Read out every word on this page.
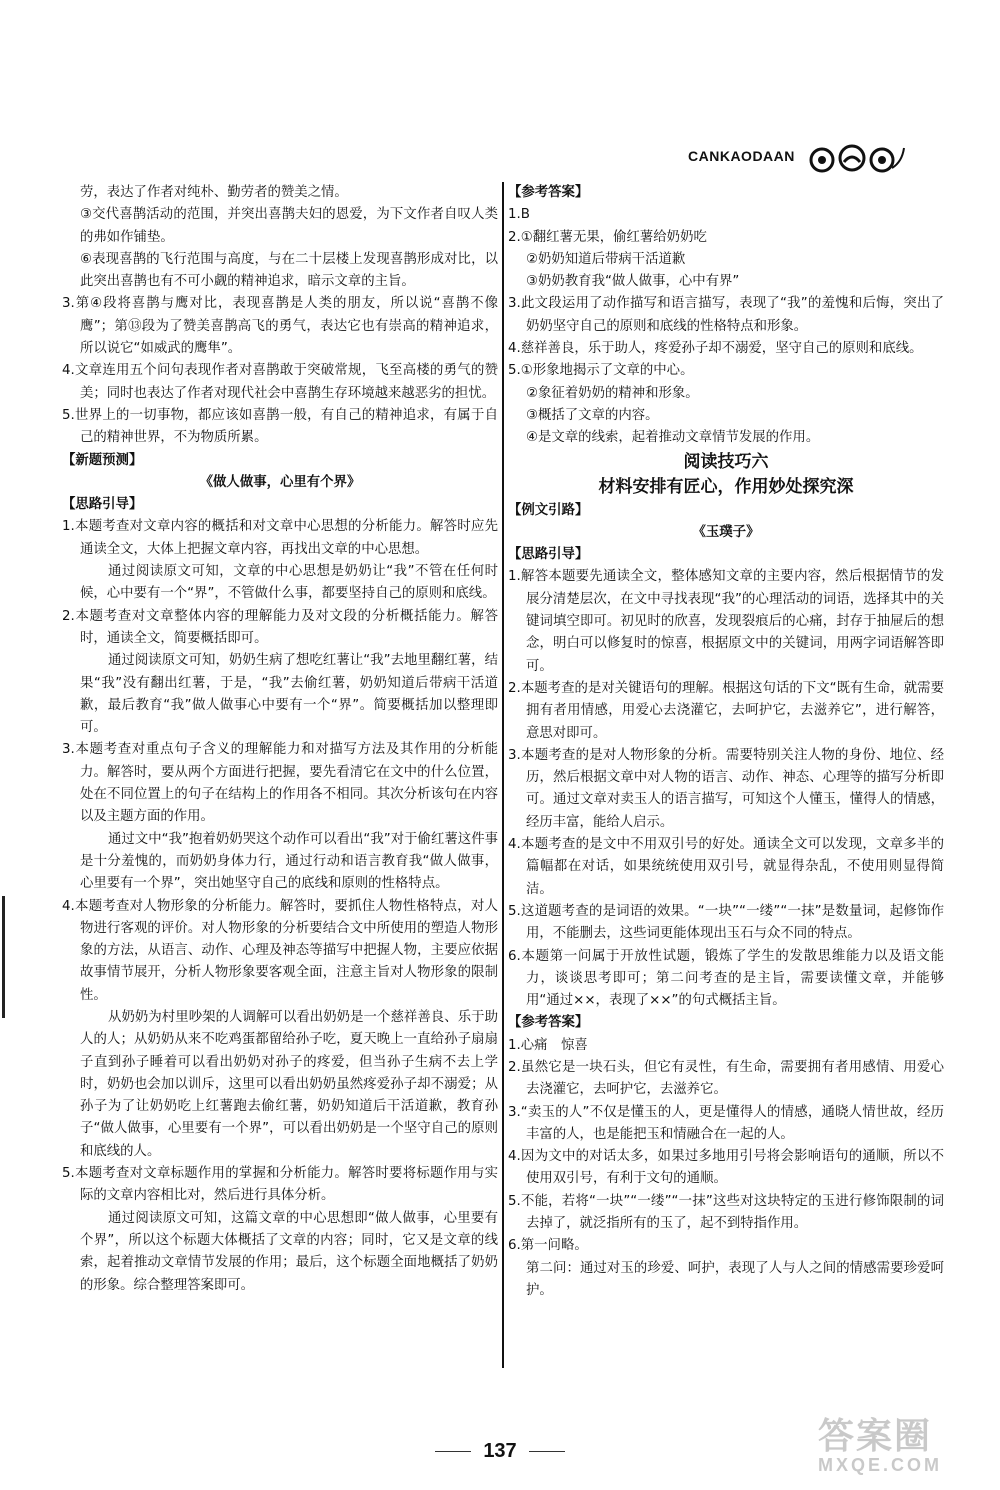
CANKAODAAN
劳，表达了作者对纯朴、勤劳者的赞美之情。
③交代喜鹊活动的范围，并突出喜鹊夫妇的恩爱，为下文作者自叹人类的弗如作铺垫。
⑥表现喜鹊的飞行范围与高度，与在二十层楼上发现喜鹊形成对比，以此突出喜鹊也有不可小觑的精神追求，暗示文章的主旨。
3.第④段将喜鹊与鹰对比，表现喜鹊是人类的朋友，所以说“喜鹊不像鹰”；第⑬段为了赞美喜鹊高飞的勇气，表达它也有崇高的精神追求，所以说它“如威武的鹰隼”。
4.文章连用五个问句表现作者对喜鹊敢于突破常规，飞至高楼的勇气的赞美；同时也表达了作者对现代社会中喜鹊生存环境越来越恶劣的担忧。
5.世界上的一切事物，都应该如喜鹊一般，有自己的精神追求，有属于自己的精神世界，不为物质所累。
【新题预测】
《做人做事，心里有个界》
【思路引导】
1.本题考查对文章内容的概括和对文章中心思想的分析能力。解答时应先通读全文，大体上把握文章内容，再找出文章的中心思想。
通过阅读原文可知，文章的中心思想是奶奶让“我”不管在任何时候，心中要有一个“界”，不管做什么事，都要坚持自己的原则和底线。
2.本题考查对文章整体内容的理解能力及对文段的分析概括能力。解答时，通读全文，简要概括即可。
通过阅读原文可知，奶奶生病了想吃红薯让“我”去地里翻红薯，结果“我”没有翻出红薯，于是，“我”去偷红薯，奶奶知道后带病干活道歉，最后教育“我”做人做事心中要有一个“界”。简要概括加以整理即可。
3.本题考查对重点句子含义的理解能力和对描写方法及其作用的分析能力。解答时，要从两个方面进行把握，要先看清它在文中的什么位置，处在不同位置上的句子在结构上的作用各不相同。其次分析该句在内容以及主题方面的作用。
通过文中“我”抱着奶奶哭这个动作可以看出“我”对于偷红薯这件事是十分羞愧的，而奶奶身体力行，通过行动和语言教育我“做人做事，心里要有一个界”，突出她坚守自己的底线和原则的性格特点。
4.本题考查对人物形象的分析能力。解答时，要抓住人物性格特点，对人物进行客观的评价。对人物形象的分析要结合文中所使用的塑造人物形象的方法，从语言、动作、心理及神态等描写中把握人物，主要应依据故事情节展开，分析人物形象要客观全面，注意主旨对人物形象的限制性。
从奶奶为村里吵架的人调解可以看出奶奶是一个慈祥善良、乐于助人的人；从奶奶从来不吃鸡蛋都留给孙子吃，夏天晚上一直给孙子扇扇子直到孙子睡着可以看出奶奶对孙子的疼爱，但当孙子生病不去上学时，奶奶也会加以训斥，这里可以看出奶奶虽然疼爱孙子却不溺爱；从孙子为了让奶奶吃上红薯跑去偷红薯，奶奶知道后干活道歉，教育孙子“做人做事，心里要有一个界”，可以看出奶奶是一个坚守自己的原则和底线的人。
5.本题考查对文章标题作用的掌握和分析能力。解答时要将标题作用与实际的文章内容相比对，然后进行具体分析。
通过阅读原文可知，这篇文章的中心思想即“做人做事，心里要有个界”，所以这个标题大体概括了文章的内容；同时，它又是文章的线索，起着推动文章情节发展的作用；最后，这个标题全面地概括了奶奶的形象。综合整理答案即可。
【参考答案】
1.B
2.①翻红薯无果，偷红薯给奶奶吃
②奶奶知道后带病干活道歉
③奶奶教育我“做人做事，心中有界”
3.此文段运用了动作描写和语言描写，表现了“我”的羞愧和后悔，突出了奶奶坚守自己的原则和底线的性格特点和形象。
4.慈祥善良，乐于助人，疼爱孙子却不溺爱，坚守自己的原则和底线。
5.①形象地揭示了文章的中心。
②象征着奶奶的精神和形象。
③概括了文章的内容。
④是文章的线索，起着推动文章情节发展的作用。
阅读技巧六
材料安排有匠心，作用妙处探究深
【例文引路】
《玉璞子》
【思路引导】
1.解答本题要先通读全文，整体感知文章的主要内容，然后根据情节的发展分清楚层次，在文中寻找表现“我”的心理活动的词语，选择其中的关键词填空即可。初见时的欣喜，发现裂痕后的心痛，封存于抽屉后的想念，明白可以修复时的惊喜，根据原文中的关键词，用两字词语解答即可。
2.本题考查的是对关键语句的理解。根据这句话的下文“既有生命，就需要拥有者用情感，用爱心去浇灌它，去呵护它，去滋养它”，进行解答，意思对即可。
3.本题考查的是对人物形象的分析。需要特别关注人物的身份、地位、经历，然后根据文章中对人物的语言、动作、神态、心理等的描写分析即可。通过文章对卖玉人的语言描写，可知这个人懂玉，懂得人的情感，经历丰富，能给人启示。
4.本题考查的是文中不用双引号的好处。通读全文可以发现，文章多半的篇幅都在对话，如果统统使用双引号，就显得杂乱，不使用则显得简洁。
5.这道题考查的是词语的效果。“一块”“一缕”“一抹”是数量词，起修饰作用，不能删去，这些词更能体现出玉石与众不同的特点。
6.本题第一问属于开放性试题，锻炼了学生的发散思维能力以及语文能力，谈谈思考即可；第二问考查的是主旨，需要读懂文章，并能够用“通过××，表现了××”的句式概括主旨。
【参考答案】
1.心痛　惊喜
2.虽然它是一块石头，但它有灵性，有生命，需要拥有者用感情、用爱心去浇灌它，去呵护它，去滋养它。
3.“卖玉的人”不仅是懂玉的人，更是懂得人的情感，通晓人情世故，经历丰富的人，也是能把玉和情融合在一起的人。
4.因为文中的对话太多，如果过多地用引号将会影响语句的通顺，所以不使用双引号，有利于文句的通顺。
5.不能，若将“一块”“一缕”“一抹”这些对这块特定的玉进行修饰限制的词去掉了，就泛指所有的玉了，起不到特指作用。
6.第一问略。
第二问：通过对玉的珍爱、呵护，表现了人与人之间的情感需要珍爱呵护。
137	答案圈
MXQE.COM
